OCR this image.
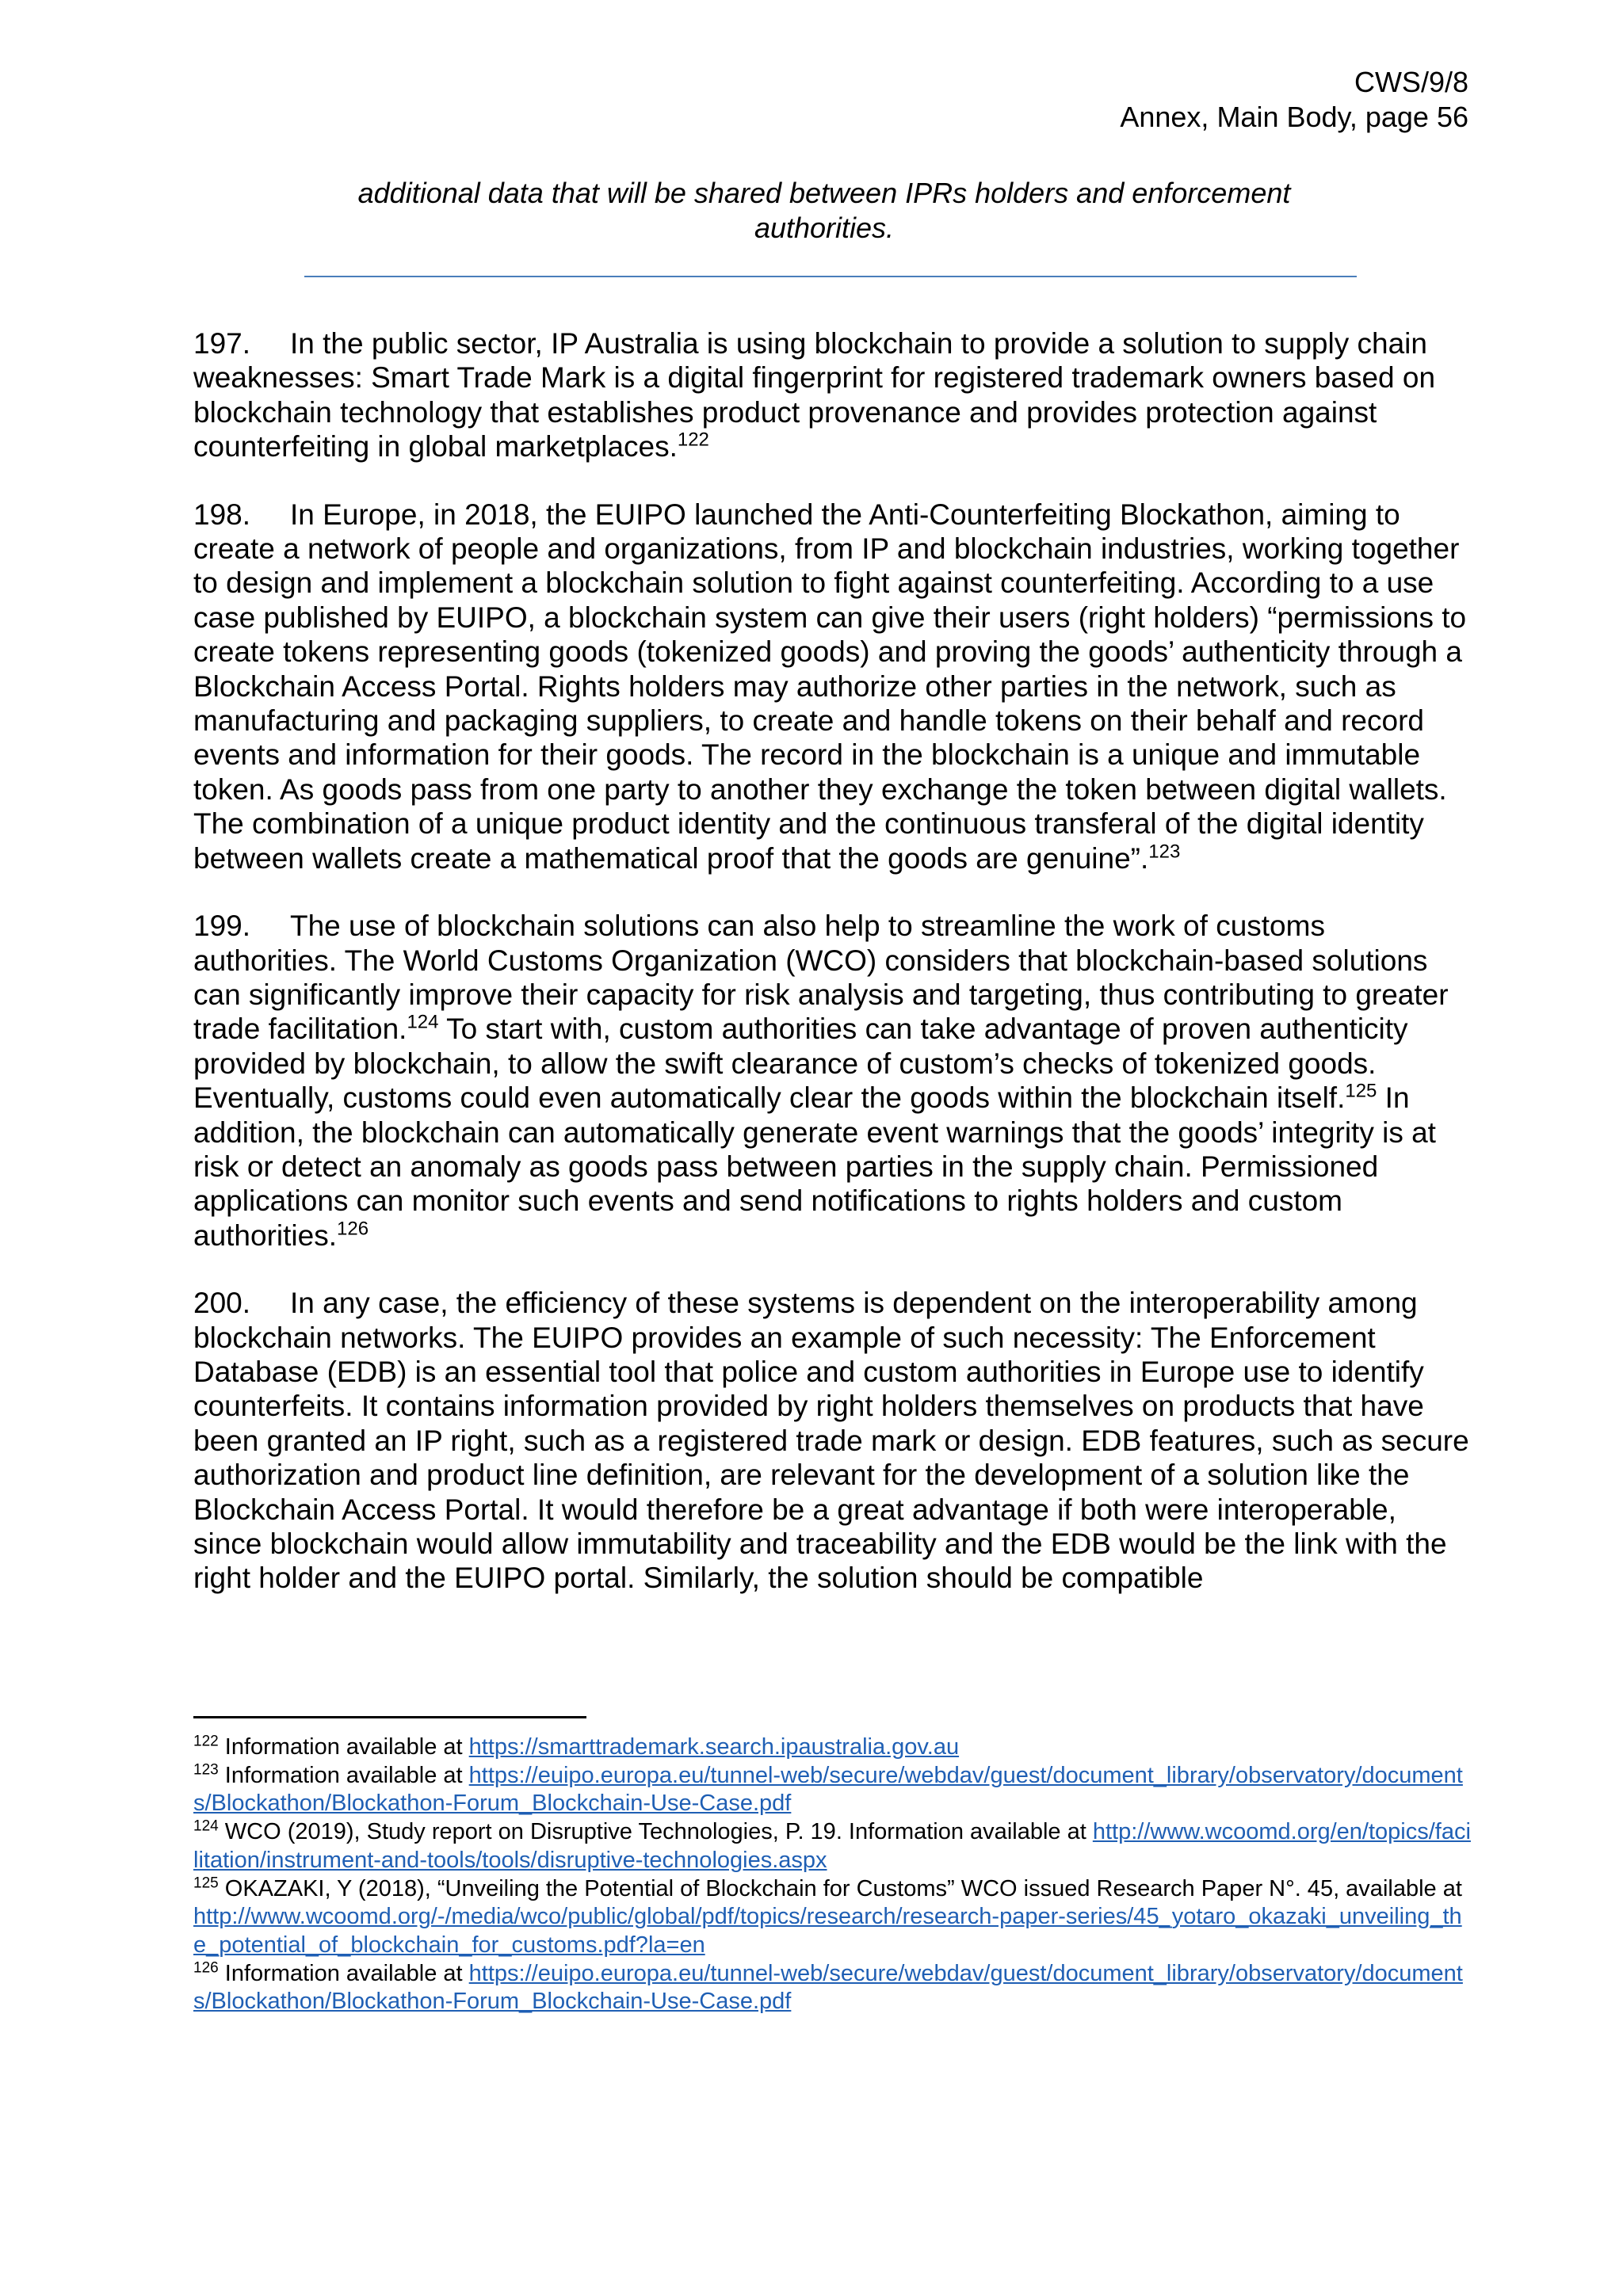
CWS/9/8
Annex, Main Body, page 56
additional data that will be shared between IPRs holders and enforcement authorities.

197. In the public sector, IP Australia is using blockchain to provide a solution to supply chain weaknesses: Smart Trade Mark is a digital fingerprint for registered trademark owners based on blockchain technology that establishes product provenance and provides protection against counterfeiting in global marketplaces.$^{122}$

198. In Europe, in 2018, the EUIPO launched the Anti-Counterfeiting Blockathon, aiming to create a network of people and organizations, from IP and blockchain industries, working together to design and implement a blockchain solution to fight against counterfeiting. According to a use case published by EUIPO, a blockchain system can give their users (right holders) “permissions to create tokens representing goods (tokenized goods) and proving the goods’ authenticity through a Blockchain Access Portal. Rights holders may authorize other parties in the network, such as manufacturing and packaging suppliers, to create and handle tokens on their behalf and record events and information for their goods. The record in the blockchain is a unique and immutable token. As goods pass from one party to another they exchange the token between digital wallets. The combination of a unique product identity and the continuous transferal of the digital identity between wallets create a mathematical proof that the goods are genuine”.$^{123}$

199. The use of blockchain solutions can also help to streamline the work of customs authorities. The World Customs Organization (WCO) considers that blockchain-based solutions can significantly improve their capacity for risk analysis and targeting, thus contributing to greater trade facilitation.$^{124}$ To start with, custom authorities can take advantage of proven authenticity provided by blockchain, to allow the swift clearance of custom’s checks of tokenized goods. Eventually, customs could even automatically clear the goods within the blockchain itself.$^{125}$ In addition, the blockchain can automatically generate event warnings that the goods’ integrity is at risk or detect an anomaly as goods pass between parties in the supply chain. Permissioned applications can monitor such events and send notifications to rights holders and custom authorities.$^{126}$

200. In any case, the efficiency of these systems is dependent on the interoperability among blockchain networks. The EUIPO provides an example of such necessity: The Enforcement Database (EDB) is an essential tool that police and custom authorities in Europe use to identify counterfeits. It contains information provided by right holders themselves on products that have been granted an IP right, such as a registered trade mark or design. EDB features, such as secure authorization and product line definition, are relevant for the development of a solution like the Blockchain Access Portal. It would therefore be a great advantage if both were interoperable, since blockchain would allow immutability and traceability and the EDB would be the link with the right holder and the EUIPO portal. Similarly, the solution should be compatible

$^{122}$ Information available at https://smarttrademark.search.ipaustralia.gov.au

$^{123}$ Information available at https://euipo.europa.eu/tunnel-web/secure/webdav/guest/document_library/observatory/documents/Blockathon/Blockathon-Forum_Blockchain-Use-Case.pdf

$^{124}$ WCO (2019), Study report on Disruptive Technologies, P. 19. Information available at http://www.wcoomd.org/en/topics/facilitation/instrument-and-tools/tools/disruptive-technologies.aspx

$^{125}$ OKAZAKI, Y (2018), “Unveiling the Potential of Blockchain for Customs” WCO issued Research Paper N°. 45, available at http://www.wcoomd.org/-/media/wco/public/global/pdf/topics/research/research-paper-series/45_yotaro_okazaki_unveiling_the_potential_of_blockchain_for_customs.pdf?la=en

$^{126}$ Information available at https://euipo.europa.eu/tunnel-web/secure/webdav/guest/document_library/observatory/documents/Blockathon/Blockathon-Forum_Blockchain-Use-Case.pdf
